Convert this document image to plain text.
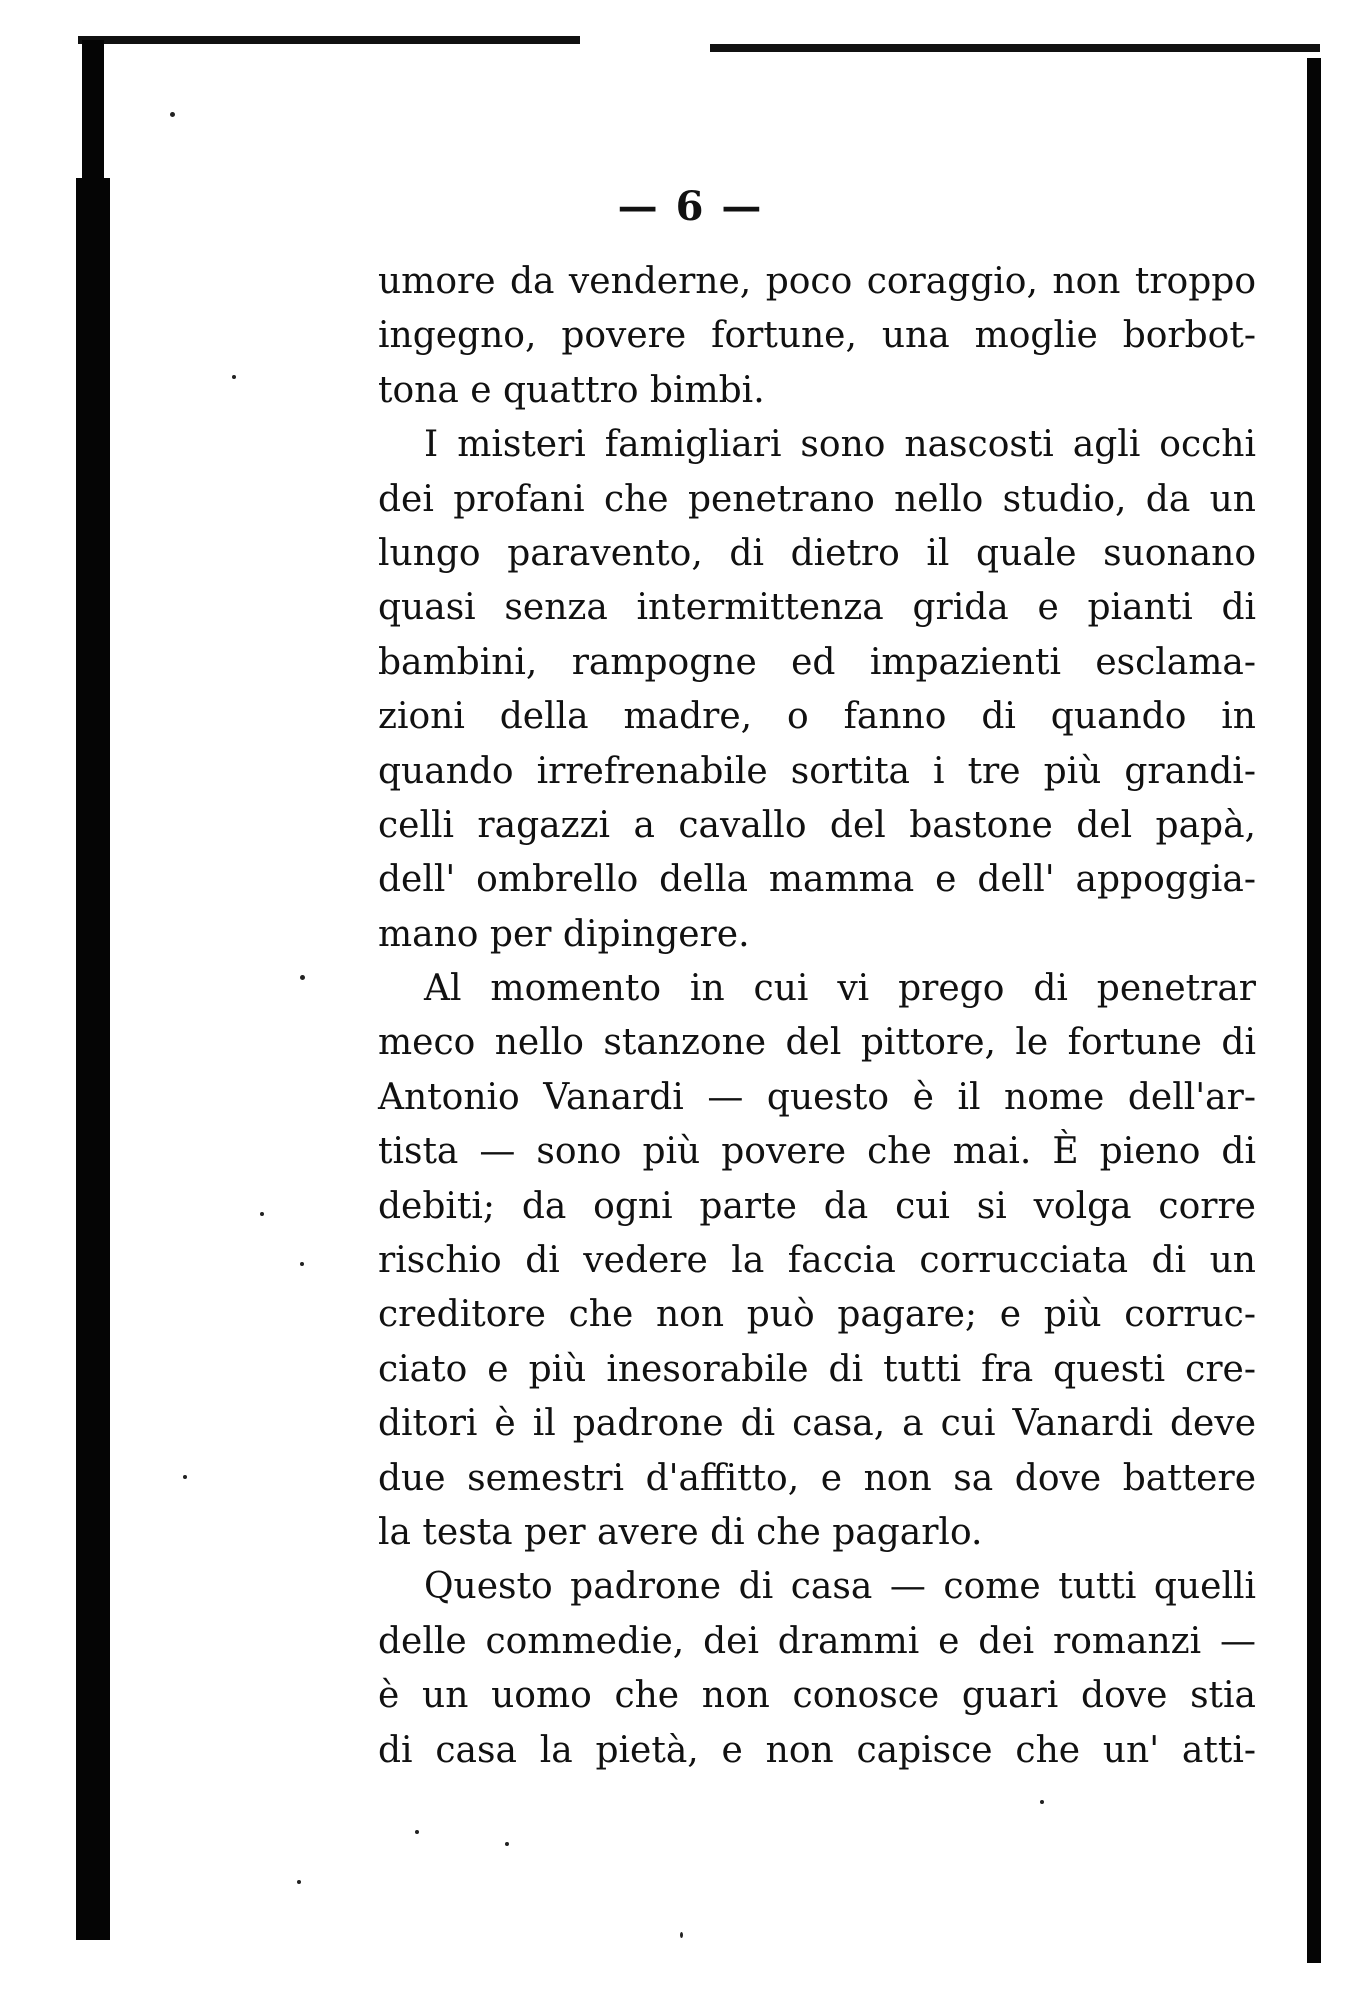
— 6 —
umore da venderne, poco coraggio, non troppo
ingegno, povere fortune, una moglie borbot-
tona e quattro bimbi.
I misteri famigliari sono nascosti agli occhi
dei profani che penetrano nello studio, da un
lungo paravento, di dietro il quale suonano
quasi senza intermittenza grida e pianti di
bambini, rampogne ed impazienti esclama-
zioni della madre, o fanno di quando in
quando irrefrenabile sortita i tre più grandi-
celli ragazzi a cavallo del bastone del papà,
dell' ombrello della mamma e dell' appoggia-
mano per dipingere.
Al momento in cui vi prego di penetrar
meco nello stanzone del pittore, le fortune di
Antonio Vanardi — questo è il nome dell'ar-
tista — sono più povere che mai. È pieno di
debiti; da ogni parte da cui si volga corre
rischio di vedere la faccia corrucciata di un
creditore che non può pagare; e più corruc-
ciato e più inesorabile di tutti fra questi cre-
ditori è il padrone di casa, a cui Vanardi deve
due semestri d'affitto, e non sa dove battere
la testa per avere di che pagarlo.
Questo padrone di casa — come tutti quelli
delle commedie, dei drammi e dei romanzi —
è un uomo che non conosce guari dove stia
di casa la pietà, e non capisce che un' atti-
